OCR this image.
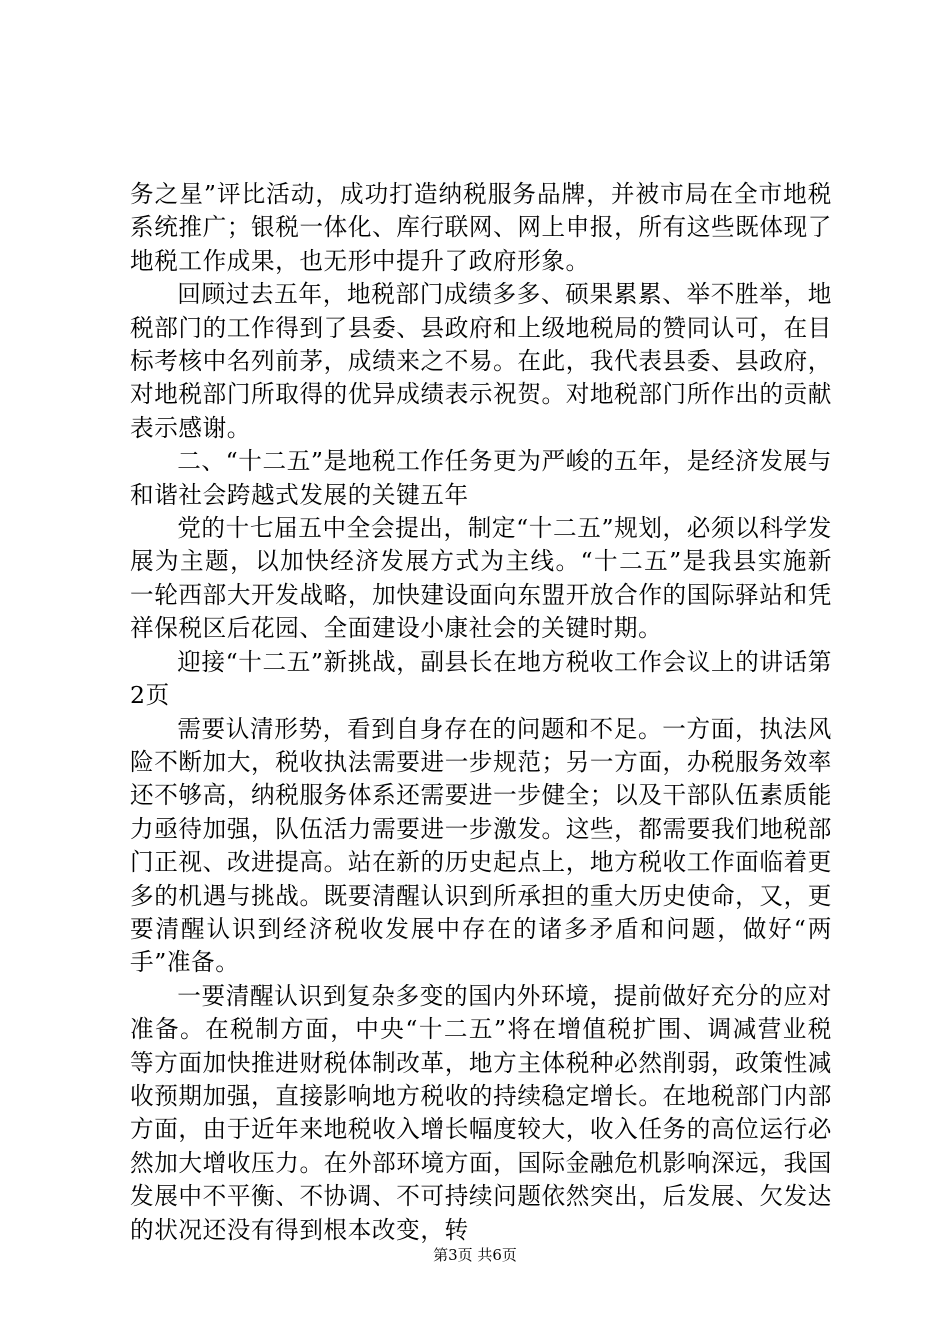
务之星”评比活动，成功打造纳税服务品牌，并被市局在全市地税系统推广；银税一体化、库行联网、网上申报，所有这些既体现了地税工作成果，也无形中提升了政府形象。

回顾过去五年，地税部门成绩多多、硕果累累、举不胜举，地税部门的工作得到了县委、县政府和上级地税局的赞同认可，在目标考核中名列前茅，成绩来之不易。在此，我代表县委、县政府，对地税部门所取得的优异成绩表示祝贺。对地税部门所作出的贡献表示感谢。

二、“十二五”是地税工作任务更为严峻的五年，是经济发展与和谐社会跨越式发展的关键五年

党的十七届五中全会提出，制定“十二五”规划，必须以科学发展为主题，以加快经济发展方式为主线。“十二五”是我县实施新一轮西部大开发战略，加快建设面向东盟开放合作的国际驿站和凭祥保税区后花园、全面建设小康社会的关键时期。

迎接“十二五”新挑战，副县长在地方税收工作会议上的讲话第2页

需要认清形势，看到自身存在的问题和不足。一方面，执法风险不断加大，税收执法需要进一步规范；另一方面，办税服务效率还不够高，纳税服务体系还需要进一步健全；以及干部队伍素质能力亟待加强，队伍活力需要进一步激发。这些，都需要我们地税部门正视、改进提高。站在新的历史起点上，地方税收工作面临着更多的机遇与挑战。既要清醒认识到所承担的重大历史使命，又，更要清醒认识到经济税收发展中存在的诸多矛盾和问题，做好“两手”准备。

一要清醒认识到复杂多变的国内外环境，提前做好充分的应对准备。在税制方面，中央“十二五”将在增值税扩围、调减营业税等方面加快推进财税体制改革，地方主体税种必然削弱，政策性减收预期加强，直接影响地方税收的持续稳定增长。在地税部门内部方面，由于近年来地税收入增长幅度较大，收入任务的高位运行必然加大增收压力。在外部环境方面，国际金融危机影响深远，我国发展中不平衡、不协调、不可持续问题依然突出，后发展、欠发达的状况还没有得到根本改变，转

第3页 共6页
